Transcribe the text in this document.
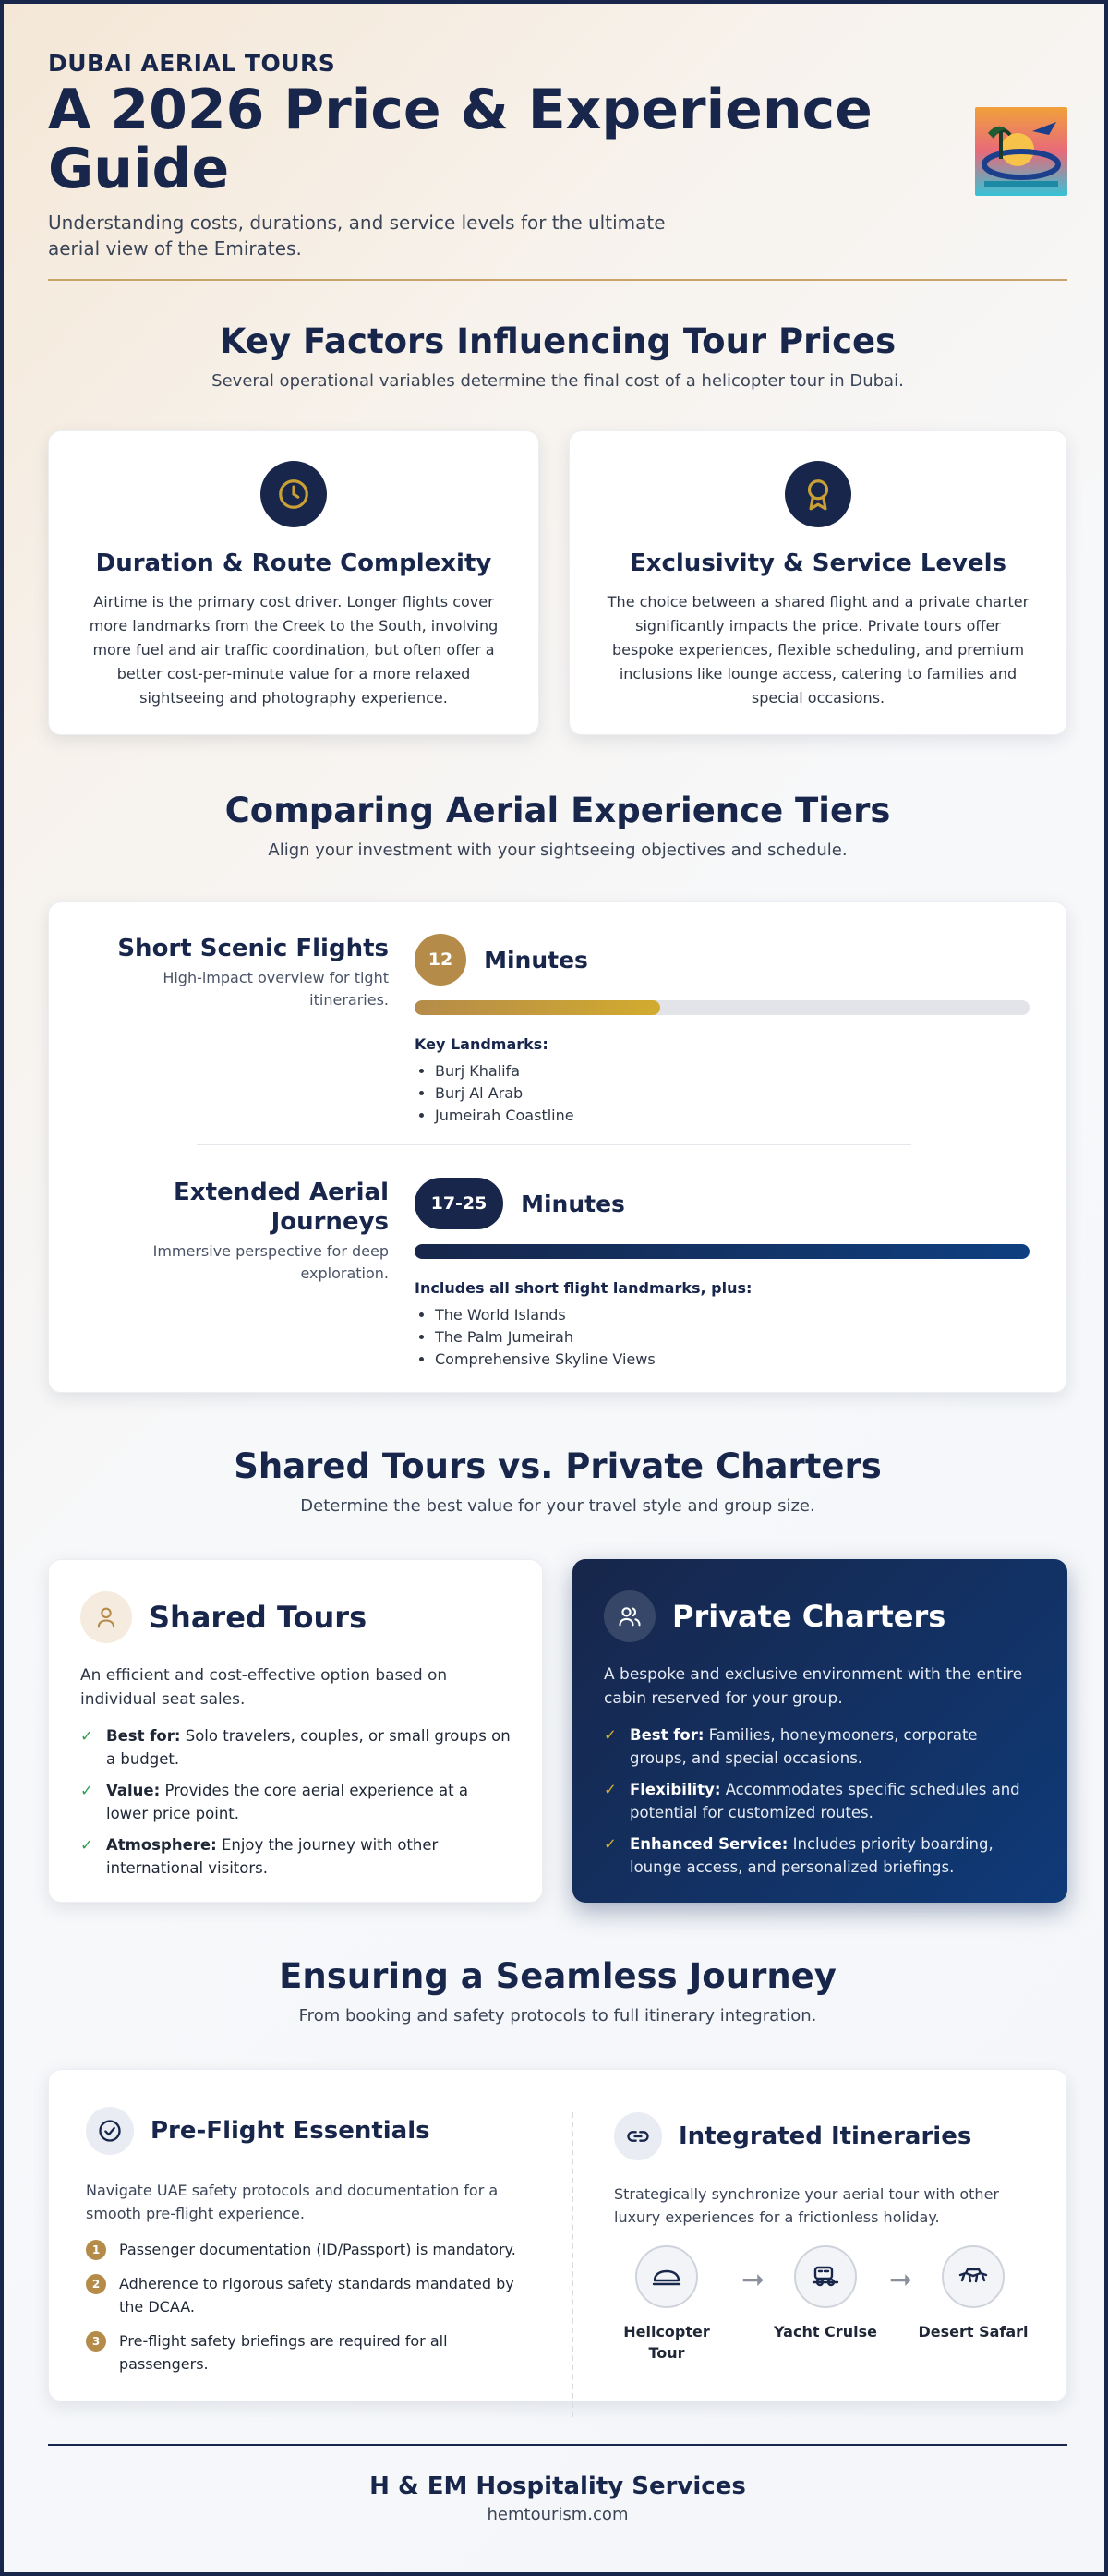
DUBAI AERIAL TOURS
A 2026 Price & Experience Guide
Understanding costs, durations, and service levels for the ultimate aerial view of the Emirates.
Key Factors Influencing Tour Prices
Several operational variables determine the final cost of a helicopter tour in Dubai.
Duration & Route Complexity
Airtime is the primary cost driver. Longer flights cover more landmarks from the Creek to the South, involving more fuel and air traffic coordination, but often offer a better cost-per-minute value for a more relaxed sightseeing and photography experience.
Exclusivity & Service Levels
The choice between a shared flight and a private charter significantly impacts the price. Private tours offer bespoke experiences, flexible scheduling, and premium inclusions like lounge access, catering to families and special occasions.
Comparing Aerial Experience Tiers
Align your investment with your sightseeing objectives and schedule.
Short Scenic Flights
High-impact overview for tight itineraries.
12 Minutes
Key Landmarks:
• Burj Khalifa
• Burj Al Arab
• Jumeirah Coastline
Extended Aerial Journeys
Immersive perspective for deep exploration.
17-25 Minutes
Includes all short flight landmarks, plus:
• The World Islands
• The Palm Jumeirah
• Comprehensive Skyline Views
Shared Tours vs. Private Charters
Determine the best value for your travel style and group size.
Shared Tours
An efficient and cost-effective option based on individual seat sales.
✓ Best for: Solo travelers, couples, or small groups on a budget.
✓ Value: Provides the core aerial experience at a lower price point.
✓ Atmosphere: Enjoy the journey with other international visitors.
Private Charters
A bespoke and exclusive environment with the entire cabin reserved for your group.
✓ Best for: Families, honeymooners, corporate groups, and special occasions.
✓ Flexibility: Accommodates specific schedules and potential for customized routes.
✓ Enhanced Service: Includes priority boarding, lounge access, and personalized briefings.
Ensuring a Seamless Journey
From booking and safety protocols to full itinerary integration.
Pre-Flight Essentials
Navigate UAE safety protocols and documentation for a smooth pre-flight experience.
1	Passenger documentation (ID/Passport) is mandatory.
2	Adherence to rigorous safety standards mandated by the DCAA.
3	Pre-flight safety briefings are required for all passengers.
Integrated Itineraries
Strategically synchronize your aerial tour with other luxury experiences for a frictionless holiday.
Helicopter Tour
➞
Yacht Cruise
➞
Desert Safari
H & EM Hospitality Services
hemtourism.com
